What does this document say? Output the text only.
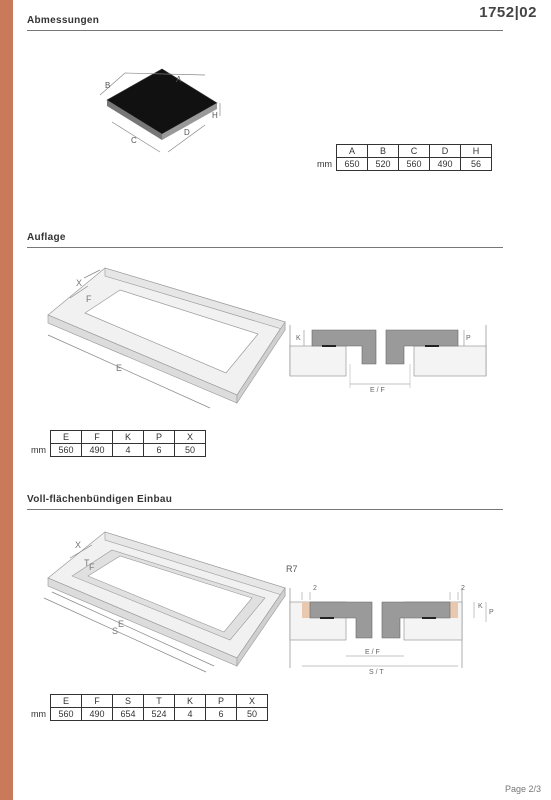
1752|02
Abmessungen
A
B
C
D
H
	A	B	C	D	H
mm	650	520	560	490	56
Auflage
X
F
E
K	P
E / F
	E	F	K	P	X
mm	560	490	4	6	50
Voll-flächenbündigen Einbau
X
T F
S
E
R7
2	2
K
P
E / F
S / T
	E	F	S	T	K	P	X
mm	560	490	654	524	4	6	50
Page 2/3
